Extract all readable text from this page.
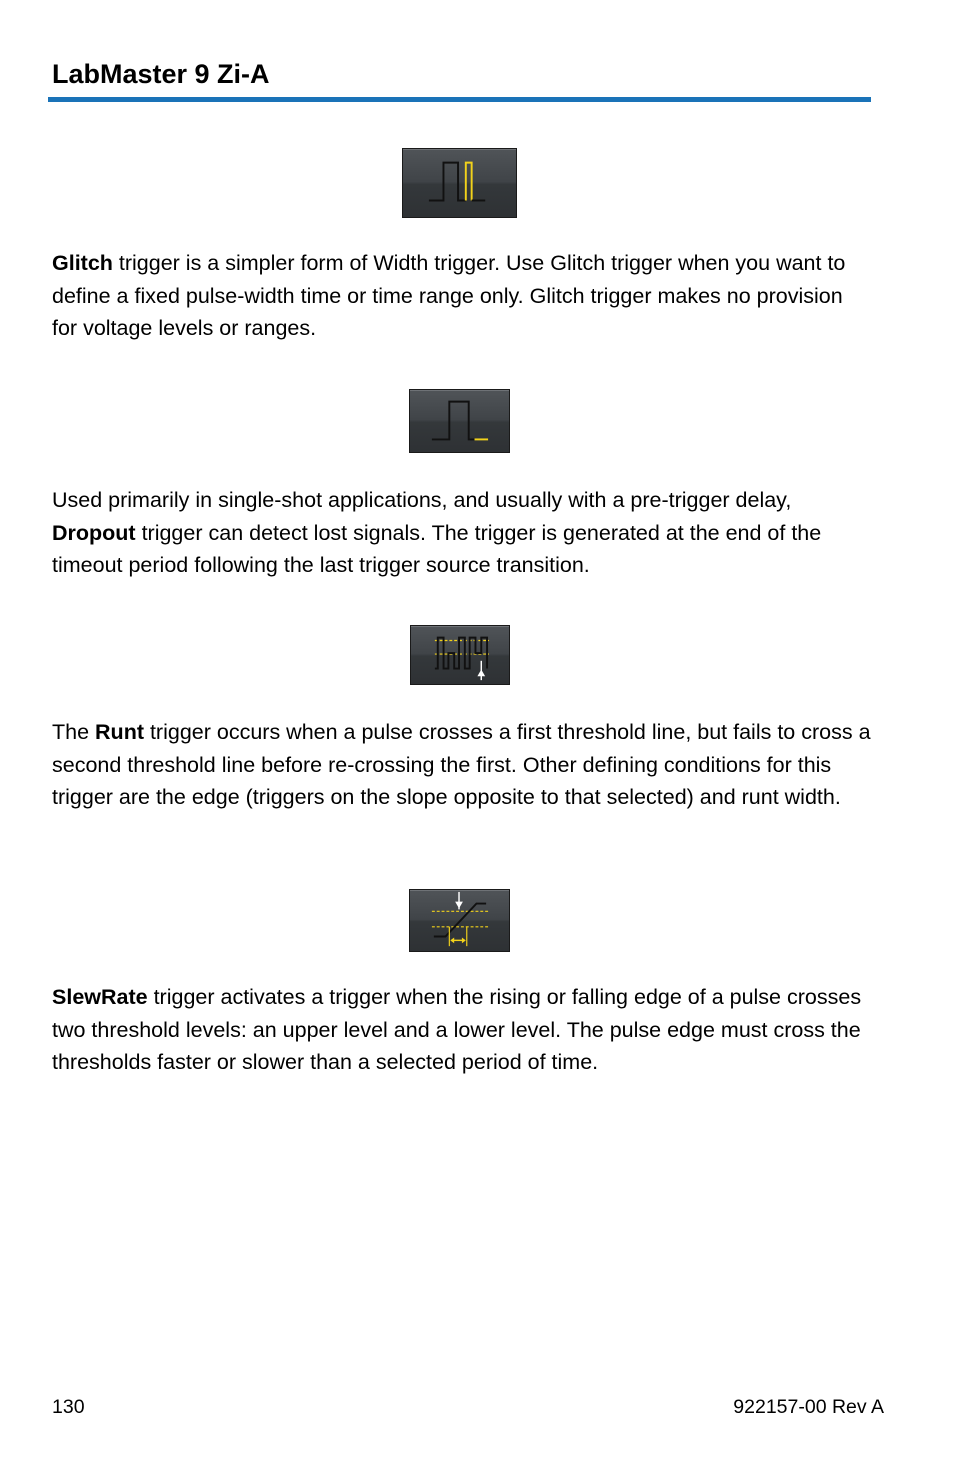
LabMaster 9 Zi-A

Glitch trigger is a simpler form of Width trigger. Use Glitch trigger when you want to define a fixed pulse-width time or time range only. Glitch trigger makes no provision for voltage levels or ranges.

Used primarily in single-shot applications, and usually with a pre-trigger delay, Dropout trigger can detect lost signals. The trigger is generated at the end of the timeout period following the last trigger source transition.

The Runt trigger occurs when a pulse crosses a first threshold line, but fails to cross a second threshold line before re-crossing the first. Other defining conditions for this trigger are the edge (triggers on the slope opposite to that selected) and runt width.

SlewRate trigger activates a trigger when the rising or falling edge of a pulse crosses two threshold levels: an upper level and a lower level. The pulse edge must cross the thresholds faster or slower than a selected period of time.

130	922157-00 Rev A
